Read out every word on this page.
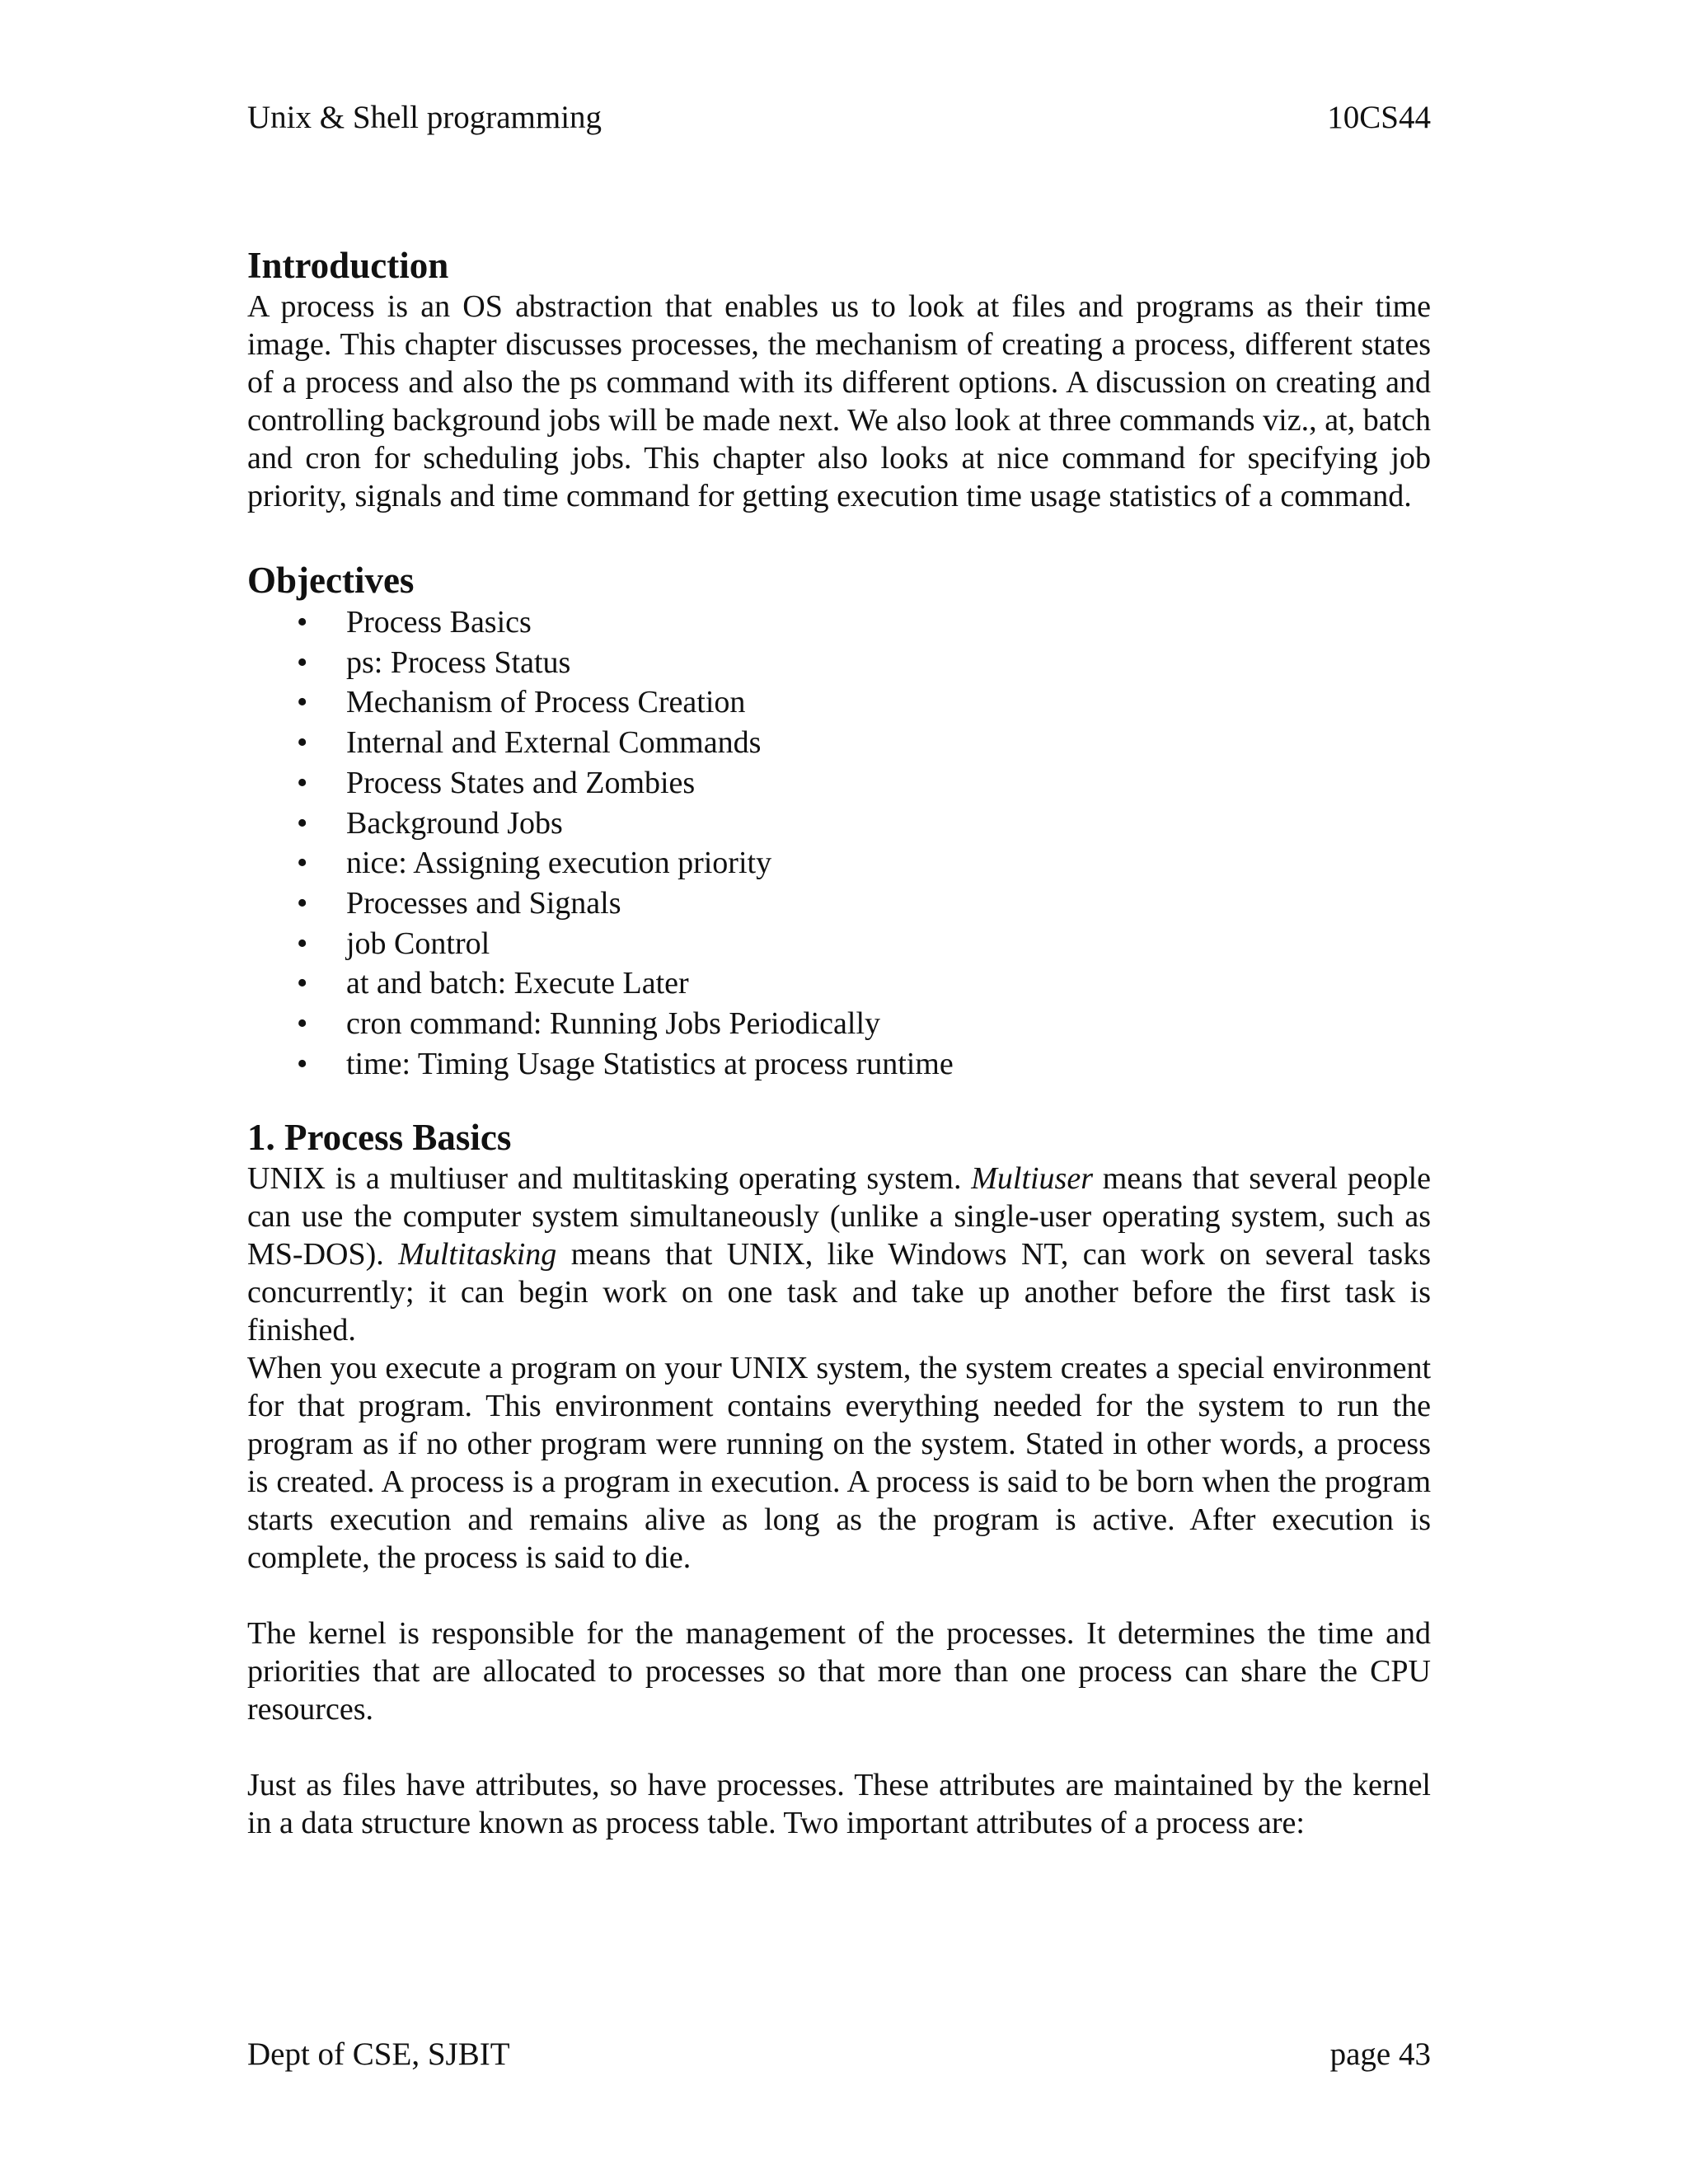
Unix & Shell programming	10CS44
Introduction

A process is an OS abstraction that enables us to look at files and programs as their time image. This chapter discusses processes, the mechanism of creating a process, different states of a process and also the ps command with its different options. A discussion on creating and controlling background jobs will be made next. We also look at three commands viz., at, batch and cron for scheduling jobs. This chapter also looks at nice command for specifying job priority, signals and time command for getting execution time usage statistics of a command.

Objectives
• Process Basics
• ps: Process Status
• Mechanism of Process Creation
• Internal and External Commands
• Process States and Zombies
• Background Jobs
• nice: Assigning execution priority
• Processes and Signals
• job Control
• at and batch: Execute Later
• cron command: Running Jobs Periodically
• time: Timing Usage Statistics at process runtime
1. Process Basics

UNIX is a multiuser and multitasking operating system. Multiuser means that several people can use the computer system simultaneously (unlike a single-user operating system, such as MS-DOS). Multitasking means that UNIX, like Windows NT, can work on several tasks concurrently; it can begin work on one task and take up another before the first task is finished.

When you execute a program on your UNIX system, the system creates a special environment for that program. This environment contains everything needed for the system to run the program as if no other program were running on the system. Stated in other words, a process is created. A process is a program in execution. A process is said to be born when the program starts execution and remains alive as long as the program is active. After execution is complete, the process is said to die.

The kernel is responsible for the management of the processes. It determines the time and priorities that are allocated to processes so that more than one process can share the CPU resources.

Just as files have attributes, so have processes. These attributes are maintained by the kernel in a data structure known as process table. Two important attributes of a process are:

Dept of CSE, SJBIT	page 43
